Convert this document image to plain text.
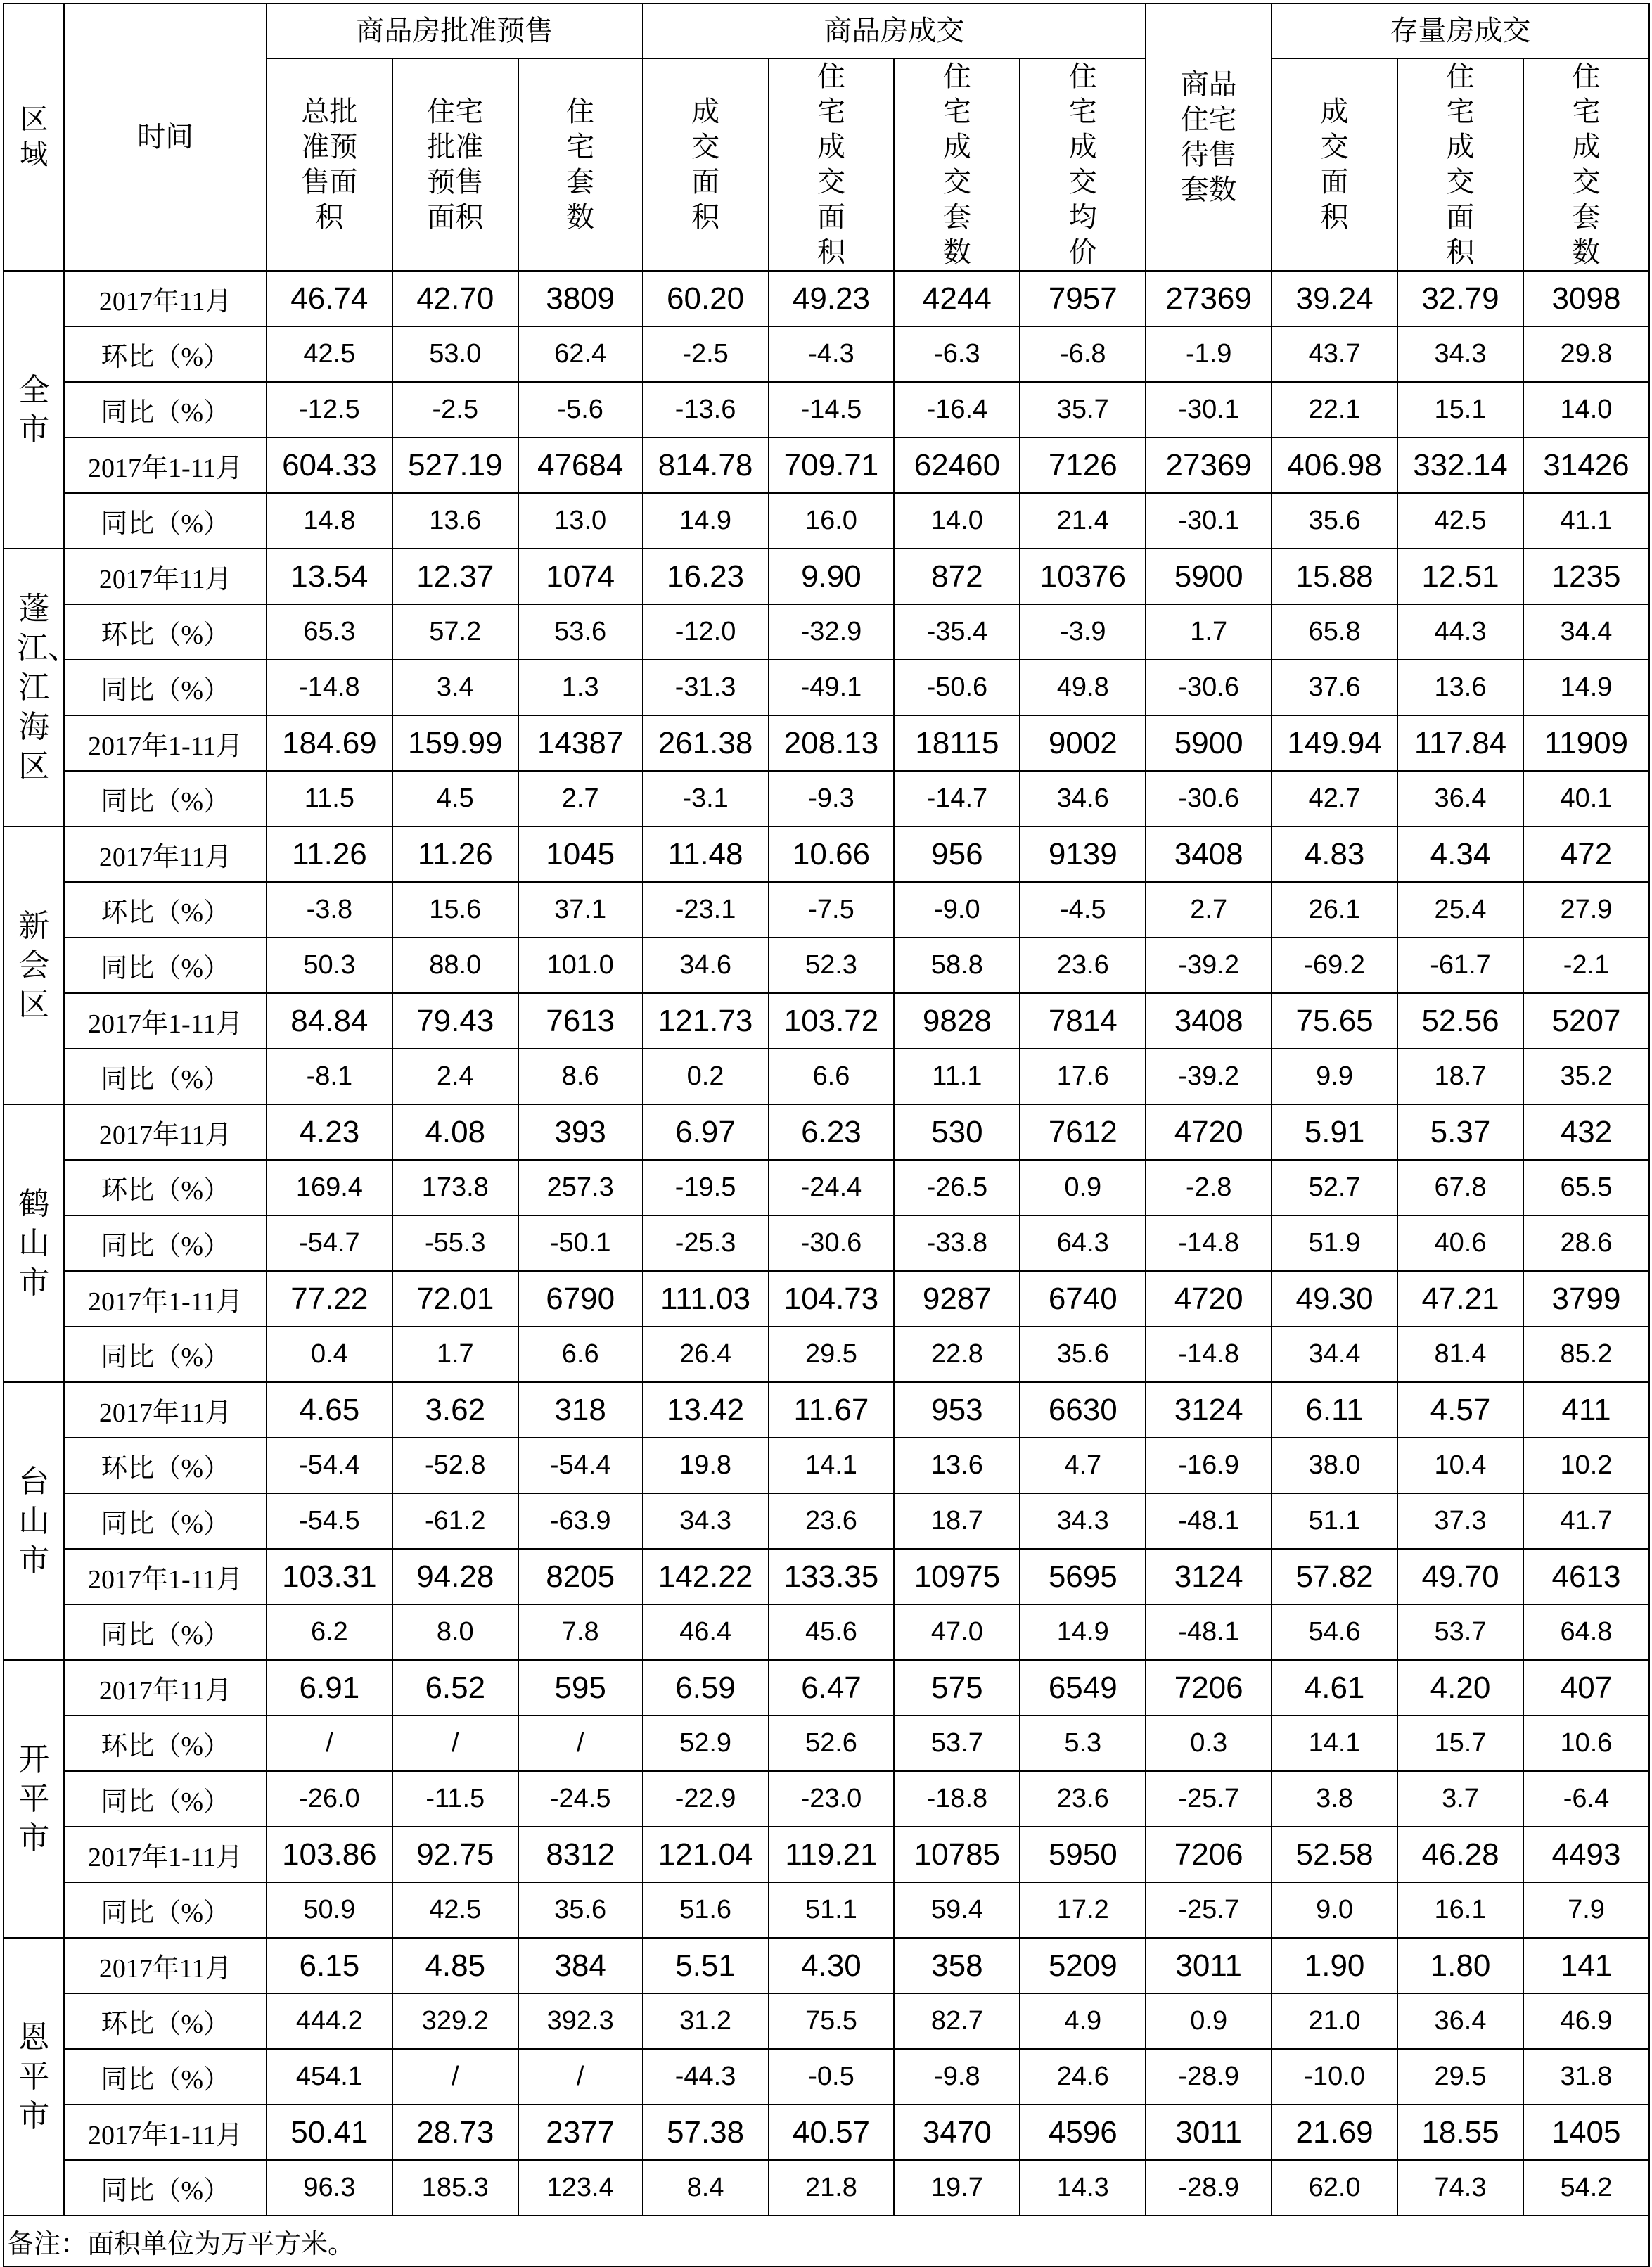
区域	时间	商品房批准预售			商品房成交				商品住宅待售套数	存量房成交		

		总批准预售面积	住宅批准预售面积	住宅套数	成交面积	住宅成交面积	住宅成交套数	住宅成交均价		成交面积	住宅成交面积	住宅成交套数

全市	2017年11月	46.74	42.70	3809	60.20	49.23	4244	7957	27369	39.24	32.79	3098
	环比（%）	42.5	53.0	62.4	-2.5	-4.3	-6.3	-6.8	-1.9	43.7	34.3	29.8
	同比（%）	-12.5	-2.5	-5.6	-13.6	-14.5	-16.4	35.7	-30.1	22.1	15.1	14.0
	2017年1-11月	604.33	527.19	47684	814.78	709.71	62460	7126	27369	406.98	332.14	31426
	同比（%）	14.8	13.6	13.0	14.9	16.0	14.0	21.4	-30.1	35.6	42.5	41.1

蓬江、江海区	2017年11月	13.54	12.37	1074	16.23	9.90	872	10376	5900	15.88	12.51	1235
	环比（%）	65.3	57.2	53.6	-12.0	-32.9	-35.4	-3.9	1.7	65.8	44.3	34.4
	同比（%）	-14.8	3.4	1.3	-31.3	-49.1	-50.6	49.8	-30.6	37.6	13.6	14.9
	2017年1-11月	184.69	159.99	14387	261.38	208.13	18115	9002	5900	149.94	117.84	11909
	同比（%）	11.5	4.5	2.7	-3.1	-9.3	-14.7	34.6	-30.6	42.7	36.4	40.1

新会区	2017年11月	11.26	11.26	1045	11.48	10.66	956	9139	3408	4.83	4.34	472
	环比（%）	-3.8	15.6	37.1	-23.1	-7.5	-9.0	-4.5	2.7	26.1	25.4	27.9
	同比（%）	50.3	88.0	101.0	34.6	52.3	58.8	23.6	-39.2	-69.2	-61.7	-2.1
	2017年1-11月	84.84	79.43	7613	121.73	103.72	9828	7814	3408	75.65	52.56	5207
	同比（%）	-8.1	2.4	8.6	0.2	6.6	11.1	17.6	-39.2	9.9	18.7	35.2

鹤山市	2017年11月	4.23	4.08	393	6.97	6.23	530	7612	4720	5.91	5.37	432
	环比（%）	169.4	173.8	257.3	-19.5	-24.4	-26.5	0.9	-2.8	52.7	67.8	65.5
	同比（%）	-54.7	-55.3	-50.1	-25.3	-30.6	-33.8	64.3	-14.8	51.9	40.6	28.6
	2017年1-11月	77.22	72.01	6790	111.03	104.73	9287	6740	4720	49.30	47.21	3799
	同比（%）	0.4	1.7	6.6	26.4	29.5	22.8	35.6	-14.8	34.4	81.4	85.2

台山市	2017年11月	4.65	3.62	318	13.42	11.67	953	6630	3124	6.11	4.57	411
	环比（%）	-54.4	-52.8	-54.4	19.8	14.1	13.6	4.7	-16.9	38.0	10.4	10.2
	同比（%）	-54.5	-61.2	-63.9	34.3	23.6	18.7	34.3	-48.1	51.1	37.3	41.7
	2017年1-11月	103.31	94.28	8205	142.22	133.35	10975	5695	3124	57.82	49.70	4613
	同比（%）	6.2	8.0	7.8	46.4	45.6	47.0	14.9	-48.1	54.6	53.7	64.8

开平市	2017年11月	6.91	6.52	595	6.59	6.47	575	6549	7206	4.61	4.20	407
	环比（%）	/	/	/	52.9	52.6	53.7	5.3	0.3	14.1	15.7	10.6
	同比（%）	-26.0	-11.5	-24.5	-22.9	-23.0	-18.8	23.6	-25.7	3.8	3.7	-6.4
	2017年1-11月	103.86	92.75	8312	121.04	119.21	10785	5950	7206	52.58	46.28	4493
	同比（%）	50.9	42.5	35.6	51.6	51.1	59.4	17.2	-25.7	9.0	16.1	7.9

恩平市	2017年11月	6.15	4.85	384	5.51	4.30	358	5209	3011	1.90	1.80	141
	环比（%）	444.2	329.2	392.3	31.2	75.5	82.7	4.9	0.9	21.0	36.4	46.9
	同比（%）	454.1	/	/	-44.3	-0.5	-9.8	24.6	-28.9	-10.0	29.5	31.8
	2017年1-11月	50.41	28.73	2377	57.38	40.57	3470	4596	3011	21.69	18.55	1405
	同比（%）	96.3	185.3	123.4	8.4	21.8	19.7	14.3	-28.9	62.0	74.3	54.2
备注：面积单位为万平方米。												
